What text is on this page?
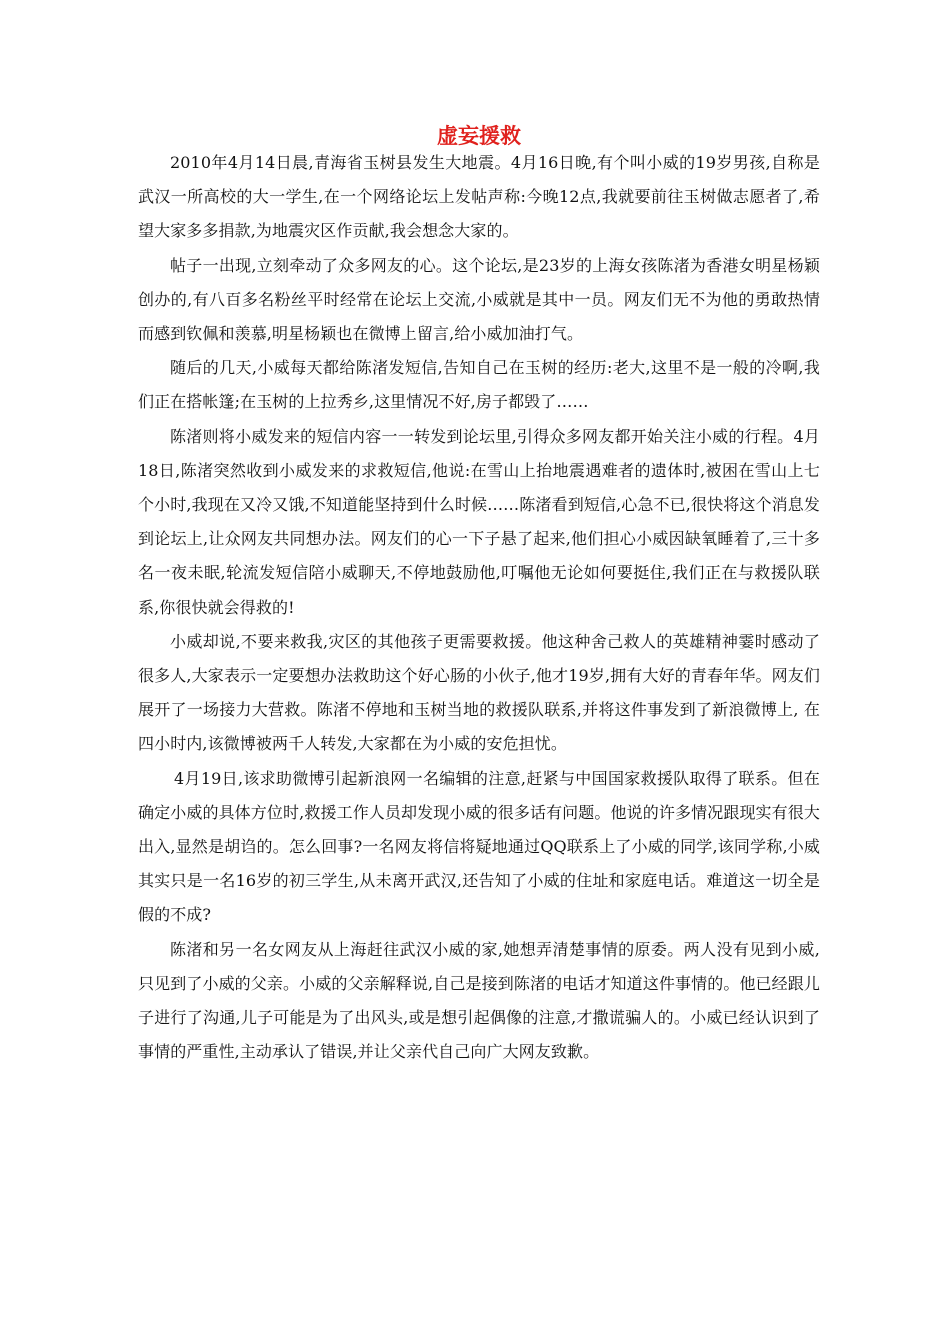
虚妄援救

2010年4月14日晨,青海省玉树县发生大地震。4月16日晚,有个叫小威的19岁男孩,自称是武汉一所高校的大一学生,在一个网络论坛上发帖声称:今晚12点,我就要前往玉树做志愿者了,希望大家多多捐款,为地震灾区作贡献,我会想念大家的。

帖子一出现,立刻牵动了众多网友的心。这个论坛,是23岁的上海女孩陈渚为香港女明星杨颖创办的,有八百多名粉丝平时经常在论坛上交流,小威就是其中一员。网友们无不为他的勇敢热情而感到钦佩和羡慕,明星杨颖也在微博上留言,给小威加油打气。

随后的几天,小威每天都给陈渚发短信,告知自己在玉树的经历:老大,这里不是一般的冷啊,我们正在搭帐篷;在玉树的上拉秀乡,这里情况不好,房子都毁了……

陈渚则将小威发来的短信内容一一转发到论坛里,引得众多网友都开始关注小威的行程。4月18日,陈渚突然收到小威发来的求救短信,他说:在雪山上抬地震遇难者的遗体时,被困在雪山上七个小时,我现在又冷又饿,不知道能坚持到什么时候……陈渚看到短信,心急不已,很快将这个消息发到论坛上,让众网友共同想办法。网友们的心一下子悬了起来,他们担心小威因缺氧睡着了,三十多名一夜未眠,轮流发短信陪小威聊天,不停地鼓励他,叮嘱他无论如何要挺住,我们正在与救援队联系,你很快就会得救的!

小威却说,不要来救我,灾区的其他孩子更需要救援。他这种舍己救人的英雄精神霎时感动了很多人,大家表示一定要想办法救助这个好心肠的小伙子,他才19岁,拥有大好的青春年华。网友们展开了一场接力大营救。陈渚不停地和玉树当地的救援队联系,并将这件事发到了新浪微博上, 在四小时内,该微博被两千人转发,大家都在为小威的安危担忧。

4月19日,该求助微博引起新浪网一名编辑的注意,赶紧与中国国家救援队取得了联系。但在确定小威的具体方位时,救援工作人员却发现小威的很多话有问题。他说的许多情况跟现实有很大出入,显然是胡诌的。怎么回事?一名网友将信将疑地通过QQ联系上了小威的同学,该同学称,小威其实只是一名16岁的初三学生,从未离开武汉,还告知了小威的住址和家庭电话。难道这一切全是假的不成?

陈渚和另一名女网友从上海赶往武汉小威的家,她想弄清楚事情的原委。两人没有见到小威,只见到了小威的父亲。小威的父亲解释说,自己是接到陈渚的电话才知道这件事情的。他已经跟儿子进行了沟通,儿子可能是为了出风头,或是想引起偶像的注意,才撒谎骗人的。小威已经认识到了事情的严重性,主动承认了错误,并让父亲代自己向广大网友致歉。
